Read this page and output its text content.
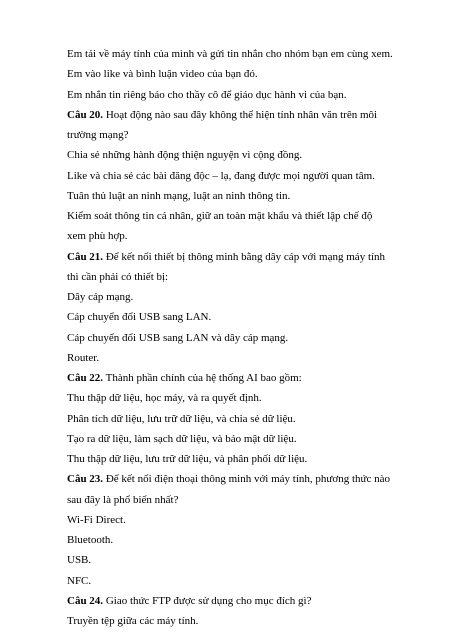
Em tải về máy tính của mình và gửi tin nhắn cho nhóm bạn em cùng xem.
Em vào like và bình luận video của bạn đó.
Em nhắn tin riêng báo cho thầy cô để giáo dục hành vi của bạn.
Câu 20. Hoạt động nào sau đây không thể hiện tính nhân văn trên môi
trường mạng?
Chia sẻ những hành động thiện nguyện vì cộng đồng.
Like và chia sẻ các bài đăng độc – lạ, đang được mọi người quan tâm.
Tuân thủ luật an ninh mạng, luật an ninh thông tin.
Kiểm soát thông tin cá nhân, giữ an toàn mật khẩu và thiết lập chế độ
xem phù hợp.
Câu 21. Để kết nối thiết bị thông minh bằng dây cáp với mạng máy tính
thì cần phải có thiết bị:
Dây cáp mạng.
Cáp chuyển đổi USB sang LAN.
Cáp chuyển đổi USB sang LAN và dây cáp mạng.
Router.
Câu 22. Thành phần chính của hệ thống AI bao gồm:
Thu thập dữ liệu, học máy, và ra quyết định.
Phân tích dữ liệu, lưu trữ dữ liệu, và chia sẻ dữ liệu.
Tạo ra dữ liệu, làm sạch dữ liệu, và bảo mật dữ liệu.
Thu thập dữ liệu, lưu trữ dữ liệu, và phân phối dữ liệu.
Câu 23. Để kết nối điện thoại thông minh với máy tính, phương thức nào
sau đây là phổ biến nhất?
Wi-Fi Direct.
Bluetooth.
USB.
NFC.
Câu 24. Giao thức FTP được sử dụng cho mục đích gì?
Truyền tệp giữa các máy tính.
